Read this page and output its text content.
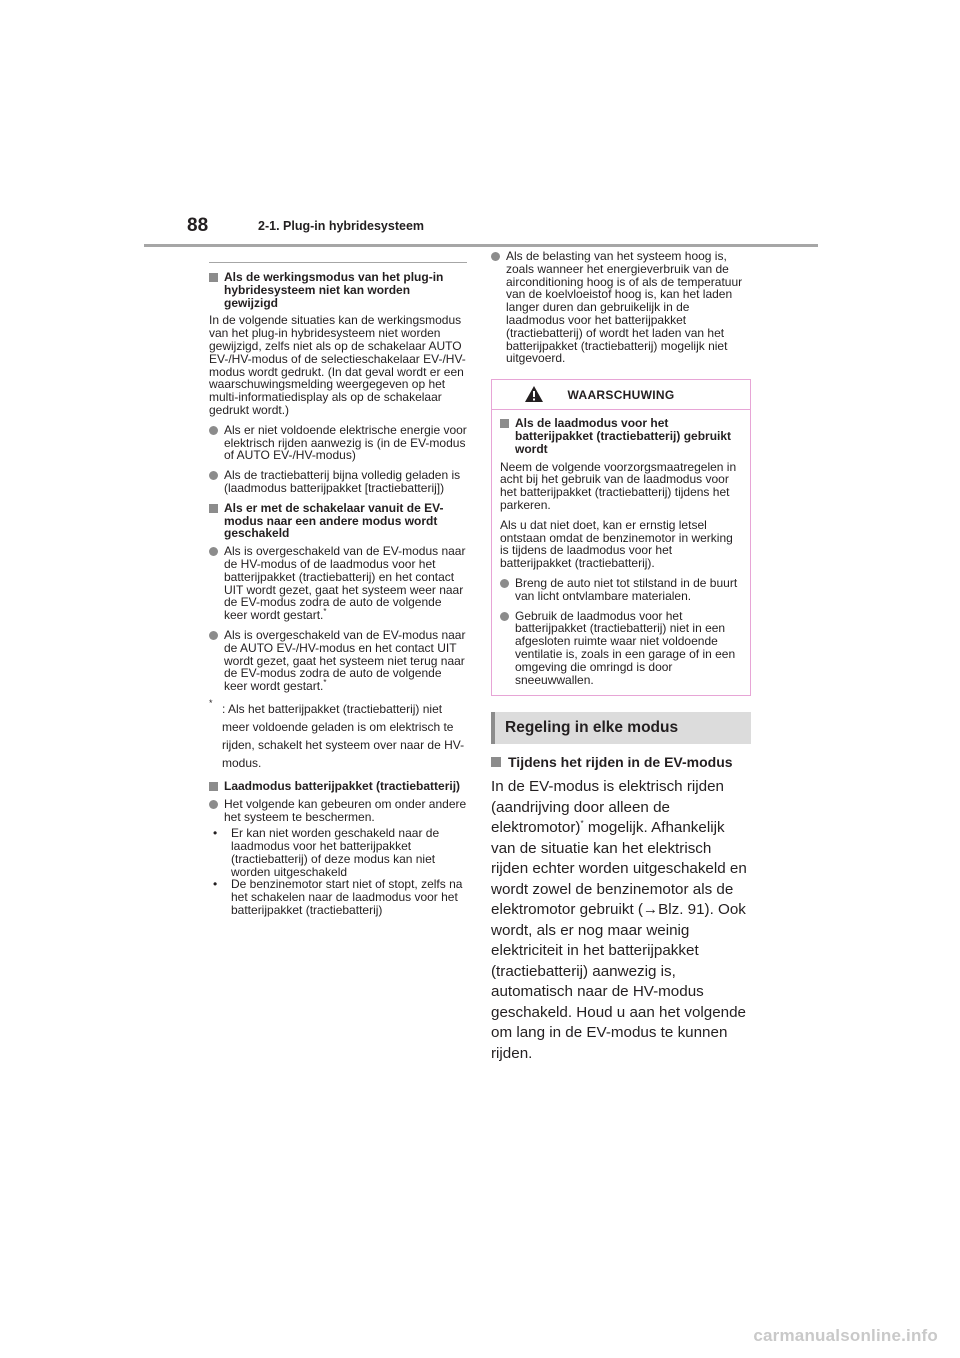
88	2-1. Plug-in hybridesysteem
Als de werkingsmodus van het plug-in hybridesysteem niet kan worden gewijzigd

In de volgende situaties kan de werkingsmodus van het plug-in hybridesysteem niet worden gewijzigd, zelfs niet als op de schakelaar AUTO EV-/HV-modus of de selectieschakelaar EV-/HV-modus wordt gedrukt. (In dat geval wordt er een waarschuwingsmelding weergegeven op het multi-informatiedisplay als op de schakelaar gedrukt wordt.)

Als er niet voldoende elektrische energie voor elektrisch rijden aanwezig is (in de EV-modus of AUTO EV-/HV-modus)
Als de tractiebatterij bijna volledig geladen is (laadmodus batterijpakket [tractiebatterij])
Als er met de schakelaar vanuit de EV-modus naar een andere modus wordt geschakeld
Als is overgeschakeld van de EV-modus naar de HV-modus of de laadmodus voor het batterijpakket (tractiebatterij) en het contact UIT wordt gezet, gaat het systeem weer naar de EV-modus zodra de auto de volgende keer wordt gestart.*
Als is overgeschakeld van de EV-modus naar de AUTO EV-/HV-modus en het contact UIT wordt gezet, gaat het systeem niet terug naar de EV-modus zodra de auto de volgende keer wordt gestart.*
* : Als het batterijpakket (tractiebatterij) niet meer voldoende geladen is om elektrisch te rijden, schakelt het systeem over naar de HV-modus.
Laadmodus batterijpakket (tractiebatterij)
Het volgende kan gebeuren om onder andere het systeem te beschermen.
• Er kan niet worden geschakeld naar de laadmodus voor het batterijpakket (tractiebatterij) of deze modus kan niet worden uitgeschakeld
• De benzinemotor start niet of stopt, zelfs na het schakelen naar de laadmodus voor het batterijpakket (tractiebatterij)
Als de belasting van het systeem hoog is, zoals wanneer het energieverbruik van de airconditioning hoog is of als de temperatuur van de koelvloeistof hoog is, kan het laden langer duren dan gebruikelijk in de laadmodus voor het batterijpakket (tractiebatterij) of wordt het laden van het batterijpakket (tractiebatterij) mogelijk niet uitgevoerd.
WAARSCHUWING
Als de laadmodus voor het batterijpakket (tractiebatterij) gebruikt wordt

Neem de volgende voorzorgsmaatregelen in acht bij het gebruik van de laadmodus voor het batterijpakket (tractiebatterij) tijdens het parkeren.

Als u dat niet doet, kan er ernstig letsel ontstaan omdat de benzinemotor in werking is tijdens de laadmodus voor het batterijpakket (tractiebatterij).

Breng de auto niet tot stilstand in de buurt van licht ontvlambare materialen.
Gebruik de laadmodus voor het batterijpakket (tractiebatterij) niet in een afgesloten ruimte waar niet voldoende ventilatie is, zoals in een garage of in een omgeving die omringd is door sneeuwwallen.
Regeling in elke modus
Tijdens het rijden in de EV-modus

In de EV-modus is elektrisch rijden (aandrijving door alleen de elektromotor)* mogelijk. Afhankelijk van de situatie kan het elektrisch rijden echter worden uitgeschakeld en wordt zowel de benzinemotor als de elektromotor gebruikt (→Blz. 91). Ook wordt, als er nog maar weinig elektriciteit in het batterijpakket (tractiebatterij) aanwezig is, automatisch naar de HV-modus geschakeld. Houd u aan het volgende om lang in de EV-modus te kunnen rijden.

carmanualsonline.info
